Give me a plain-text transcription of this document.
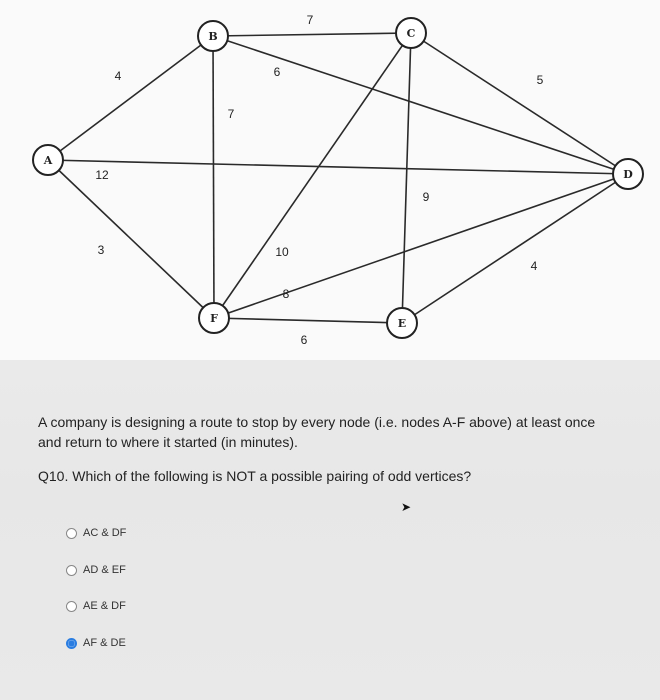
4
7
6
7
5
12
9
3	10
4
8
6
A
B	C
D
E
F
A company is designing a route to stop by every node (i.e. nodes A-F above) at least once and return to where it started (in minutes).
Q10. Which of the following is NOT a possible pairing of odd vertices?
AC & DF
AD & EF
AE & DF
AF & DE
➤
